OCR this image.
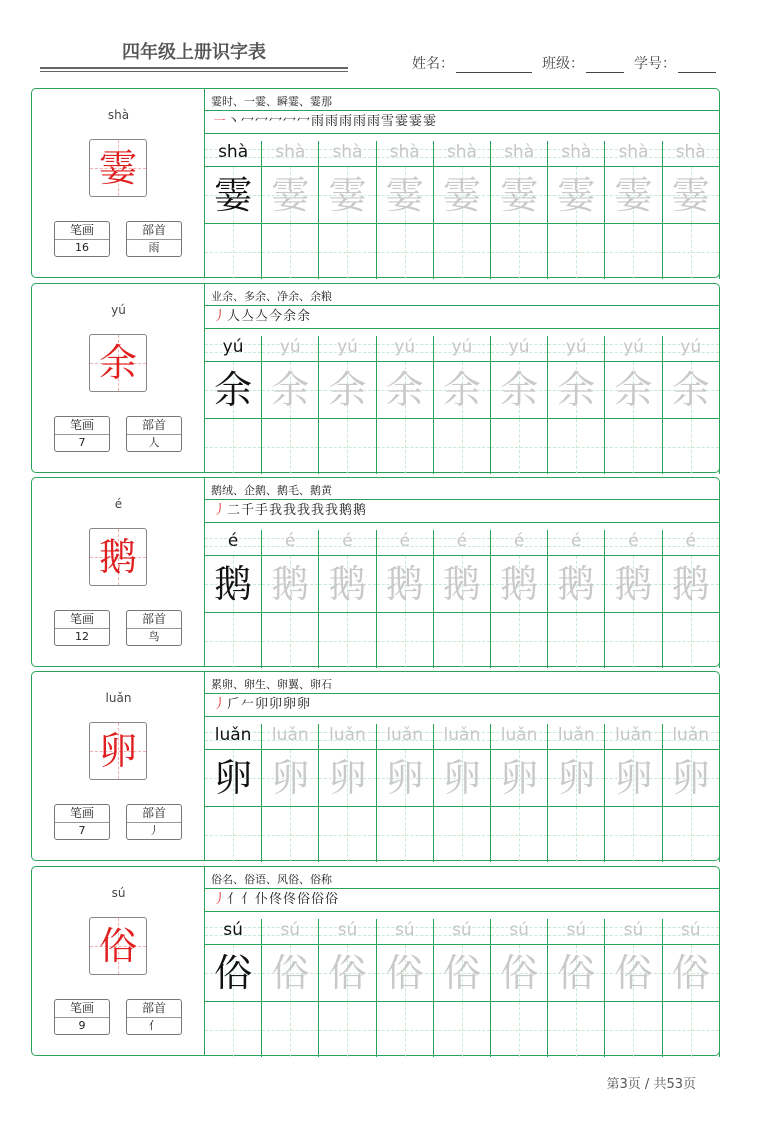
四年级上册识字表
姓名：	班级：	学号：
shà
霎
笔画
16
部首
雨
霎时、一霎、瞬霎、霎那
㇐丶冖冖冖冖冖雨雨雨雨雨雪霎霎霎
shà
霎
shà
霎
shà
霎
shà
霎
shà
霎
shà
霎
shà
霎
shà
霎
shà
霎
yú
余
笔画
7
部首
人
业余、多余、净余、余粮
丿人亼亼今余余
yú
余
yú
余
yú
余
yú
余
yú
余
yú
余
yú
余
yú
余
yú
余
é
鹅
笔画
12
部首
鸟
鹅绒、企鹅、鹅毛、鹅黄
丿二千手我我我我我鹅鹅
é
鹅
é
鹅
é
鹅
é
鹅
é
鹅
é
鹅
é
鹅
é
鹅
é
鹅
luǎn
卵
笔画
7
部首
丿
累卵、卵生、卵翼、卵石
丿𠂆𠂉卯卯卵卵
luǎn
卵
luǎn
卵
luǎn
卵
luǎn
卵
luǎn
卵
luǎn
卵
luǎn
卵
luǎn
卵
luǎn
卵
sú
俗
笔画
9
部首
亻
俗名、俗语、风俗、俗称
丿亻亻仆佟佟俗俗俗
sú
俗
sú
俗
sú
俗
sú
俗
sú
俗
sú
俗
sú
俗
sú
俗
sú
俗
第3页 / 共53页
